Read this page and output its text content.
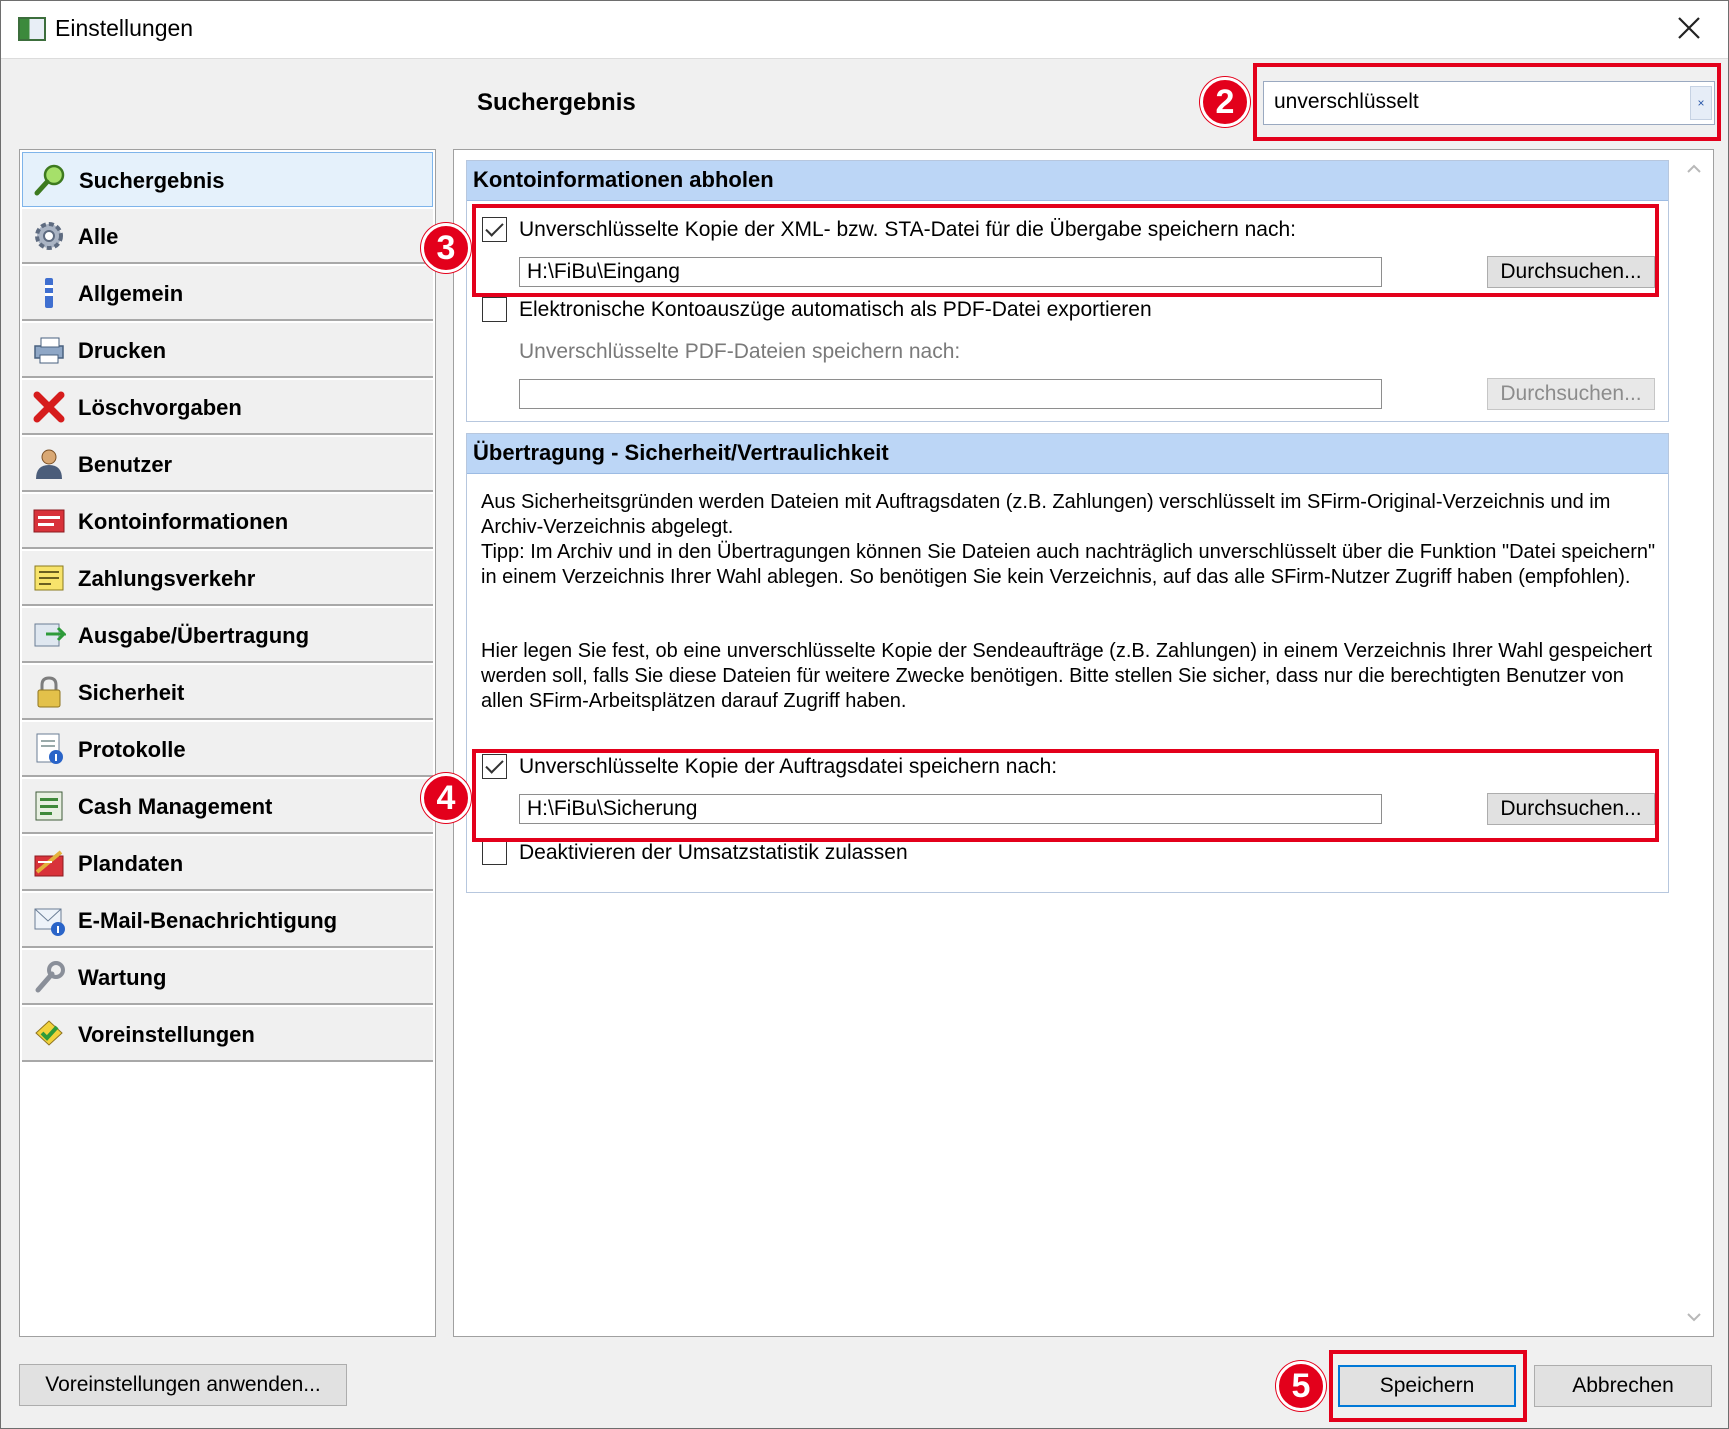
Einstellungen
Suchergebnis
unverschlüsselt	×
2
Suchergebnis
Alle
Allgemein
Drucken
Löschvorgaben
Benutzer
Kontoinformationen
Zahlungsverkehr
Ausgabe/Übertragung
Sicherheit
Protokolle
Cash Management
Plandaten
E-Mail-Benachrichtigung
Wartung
Voreinstellungen
Kontoinformationen abholen
Unverschlüsselte Kopie der XML- bzw. STA-Datei für die Übergabe speichern nach:
H:\FiBu\Eingang
Durchsuchen...
Elektronische Kontoauszüge automatisch als PDF-Datei exportieren
Unverschlüsselte PDF-Dateien speichern nach:
Durchsuchen...
Übertragung - Sicherheit/Vertraulichkeit
Aus Sicherheitsgründen werden Dateien mit Auftragsdaten (z.B. Zahlungen) verschlüsselt im SFirm-Original-Verzeichnis und im Archiv-Verzeichnis abgelegt.
Tipp: Im Archiv und in den Übertragungen können Sie Dateien auch nachträglich unverschlüsselt über die Funktion "Datei speichern" in einem Verzeichnis Ihrer Wahl ablegen. So benötigen Sie kein Verzeichnis, auf das alle SFirm-Nutzer Zugriff haben (empfohlen).
Hier legen Sie fest, ob eine unverschlüsselte Kopie der Sendeaufträge (z.B. Zahlungen) in einem Verzeichnis Ihrer Wahl gespeichert werden soll, falls Sie diese Dateien für weitere Zwecke benötigen. Bitte stellen Sie sicher, dass nur die berechtigten Benutzer von allen SFirm-Arbeitsplätzen darauf Zugriff haben.
Unverschlüsselte Kopie der Auftragsdatei speichern nach:
H:\FiBu\Sicherung
Durchsuchen...
Deaktivieren der Umsatzstatistik zulassen
3
4
Voreinstellungen anwenden...	Speichern	Abbrechen
5
